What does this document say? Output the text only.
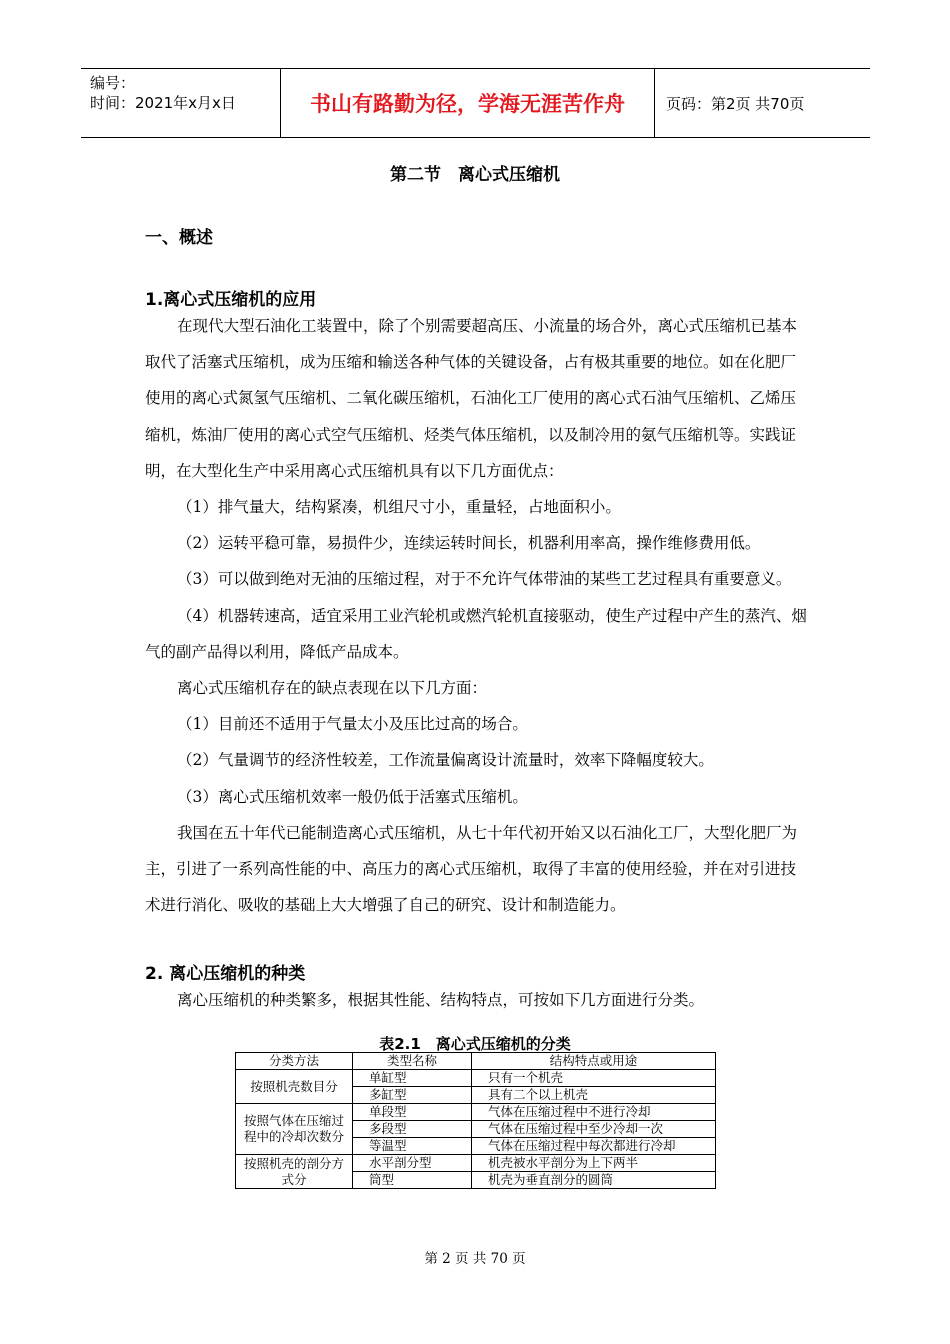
编号：
时间：2021年x月x日	书山有路勤为径，学海无涯苦作舟	页码：第2页 共70页
第二节　离心式压缩机
一、概述
1.离心式压缩机的应用

在现代大型石油化工装置中，除了个别需要超高压、小流量的场合外，离心式压缩机已基本取代了活塞式压缩机，成为压缩和输送各种气体的关键设备，占有极其重要的地位。如在化肥厂使用的离心式氮氢气压缩机、二氧化碳压缩机，石油化工厂使用的离心式石油气压缩机、乙烯压缩机，炼油厂使用的离心式空气压缩机、烃类气体压缩机，以及制冷用的氨气压缩机等。实践证明，在大型化生产中采用离心式压缩机具有以下几方面优点：

（1）排气量大，结构紧凑，机组尺寸小，重量轻，占地面积小。

（2）运转平稳可靠，易损件少，连续运转时间长，机器利用率高，操作维修费用低。

（3）可以做到绝对无油的压缩过程，对于不允许气体带油的某些工艺过程具有重要意义。

（4）机器转速高，适宜采用工业汽轮机或燃汽轮机直接驱动，使生产过程中产生的蒸汽、烟气的副产品得以利用，降低产品成本。

离心式压缩机存在的缺点表现在以下几方面：

（1）目前还不适用于气量太小及压比过高的场合。

（2）气量调节的经济性较差，工作流量偏离设计流量时，效率下降幅度较大。

（3）离心式压缩机效率一般仍低于活塞式压缩机。

我国在五十年代已能制造离心式压缩机，从七十年代初开始又以石油化工厂，大型化肥厂为主，引进了一系列高性能的中、高压力的离心式压缩机，取得了丰富的使用经验，并在对引进技术进行消化、吸收的基础上大大增强了自己的研究、设计和制造能力。

2. 离心压缩机的种类

离心压缩机的种类繁多，根据其性能、结构特点，可按如下几方面进行分类。

表2.1　离心式压缩机的分类
分类方法	类型名称	结构特点或用途
按照机壳数目分	单缸型	只有一个机壳
	多缸型	具有二个以上机壳
按照气体在压缩过程中的冷却次数分	单段型	气体在压缩过程中不进行冷却
	多段型	气体在压缩过程中至少冷却一次
	等温型	气体在压缩过程中每次都进行冷却
按照机壳的剖分方式分	水平剖分型	机壳被水平剖分为上下两半
	筒型	机壳为垂直剖分的圆筒
第 2 页 共 70 页
